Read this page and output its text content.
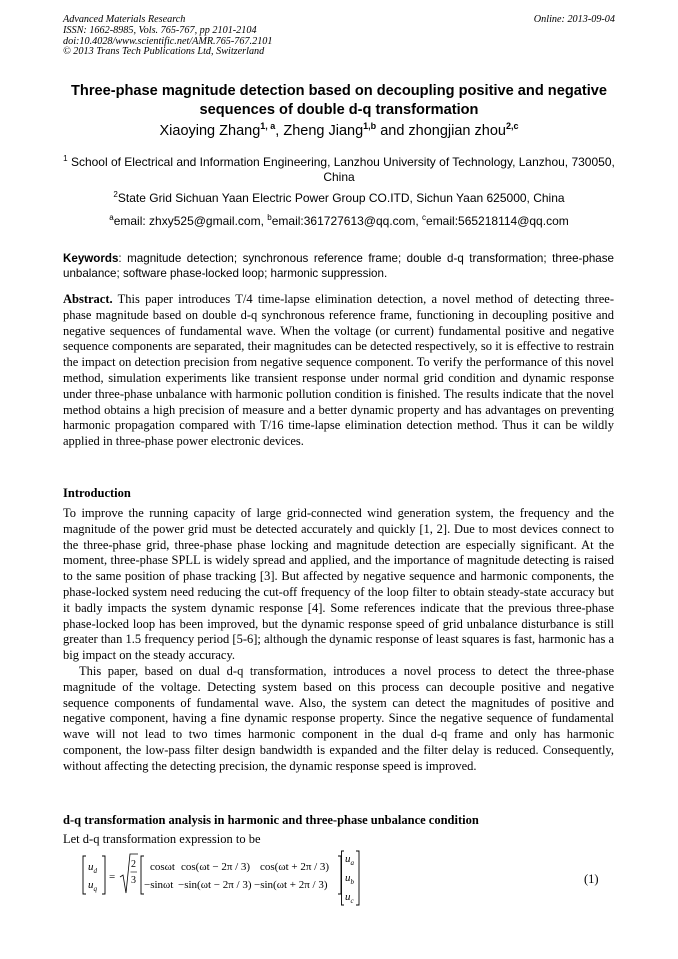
Advanced Materials Research
ISSN: 1662-8985, Vols. 765-767, pp 2101-2104
doi:10.4028/www.scientific.net/AMR.765-767.2101
© 2013 Trans Tech Publications Ltd, Switzerland
Online: 2013-09-04
Three-phase magnitude detection based on decoupling positive and negative sequences of double d-q transformation
Xiaoying Zhang$^{1, a}$, Zheng Jiang$^{1,b}$ and zhongjian zhou$^{2,c}$
$^1$ School of Electrical and Information Engineering, Lanzhou University of Technology, Lanzhou, 730050, China
$^2$State Grid Sichuan Yaan Electric Power Group CO.ITD, Sichun Yaan 625000, China
$^a$email: zhxy525@gmail.com, $^b$email:361727613@qq.com, $^c$email:565218114@qq.com
Keywords: magnitude detection; synchronous reference frame; double d-q transformation; three-phase unbalance; software phase-locked loop; harmonic suppression.

Abstract. This paper introduces T/4 time-lapse elimination detection, a novel method of detecting three-phase magnitude based on double d-q synchronous reference frame, functioning in decoupling positive and negative sequences of fundamental wave. When the voltage (or current) fundamental positive and negative sequence components are separated, their magnitudes can be detected respectively, so it is effective to restrain the impact on detection precision from negative sequence component. To verify the performance of this novel method, simulation experiments like transient response under normal grid condition and dynamic response under three-phase unbalance with harmonic pollution condition is finished. The results indicate that the novel method obtains a high precision of measure and a better dynamic property and has advantages on preventing harmonic propagation compared with T/16 time-lapse elimination detection method. Thus it can be wildly applied in three-phase power electronic devices.

Introduction

To improve the running capacity of large grid-connected wind generation system, the frequency and the magnitude of the power grid must be detected accurately and quickly [1, 2]. Due to most devices connect to the three-phase grid, three-phase phase locking and magnitude detection are especially significant. At the moment, three-phase SPLL is widely spread and applied, and the importance of magnitude detecting is raised to the same position of phase tracking [3]. But affected by negative sequence and harmonic components, the phase-locked system need reducing the cut-off frequency of the loop filter to obtain steady-state accuracy but it badly impacts the system dynamic response [4]. Some references indicate that the previous three-phase phase-locked loop has been improved, but the dynamic response speed of grid unbalance disturbance is still greater than 1.5 frequency period [5-6]; although the dynamic response of least squares is fast, harmonic has a big impact on the steady accuracy.

This paper, based on dual d-q transformation, introduces a novel process to detect the three-phase magnitude of the voltage. Detecting system based on this process can decouple positive and negative sequence components of fundamental wave. Also, the system can detect the magnitudes of positive and negative component, having a fine dynamic response property. Since the negative sequence of fundamental wave will not lead to two times harmonic component in the dual d-q frame and only has harmonic component, the low-pass filter design bandwidth is expanded and the filter delay is reduced. Consequently, without affecting the detecting precision, the dynamic response speed is improved.

d-q transformation analysis in harmonic and three-phase unbalance condition
Let d-q transformation expression to be
$u_d$
$u_q$
=
2
3
cosωt cos(ωt − 2π / 3) cos(ωt + 2π / 3)
−sinωt −sin(ωt − 2π / 3) −sin(ωt + 2π / 3)
$u_a$
$u_b$
$u_c$
(1)
